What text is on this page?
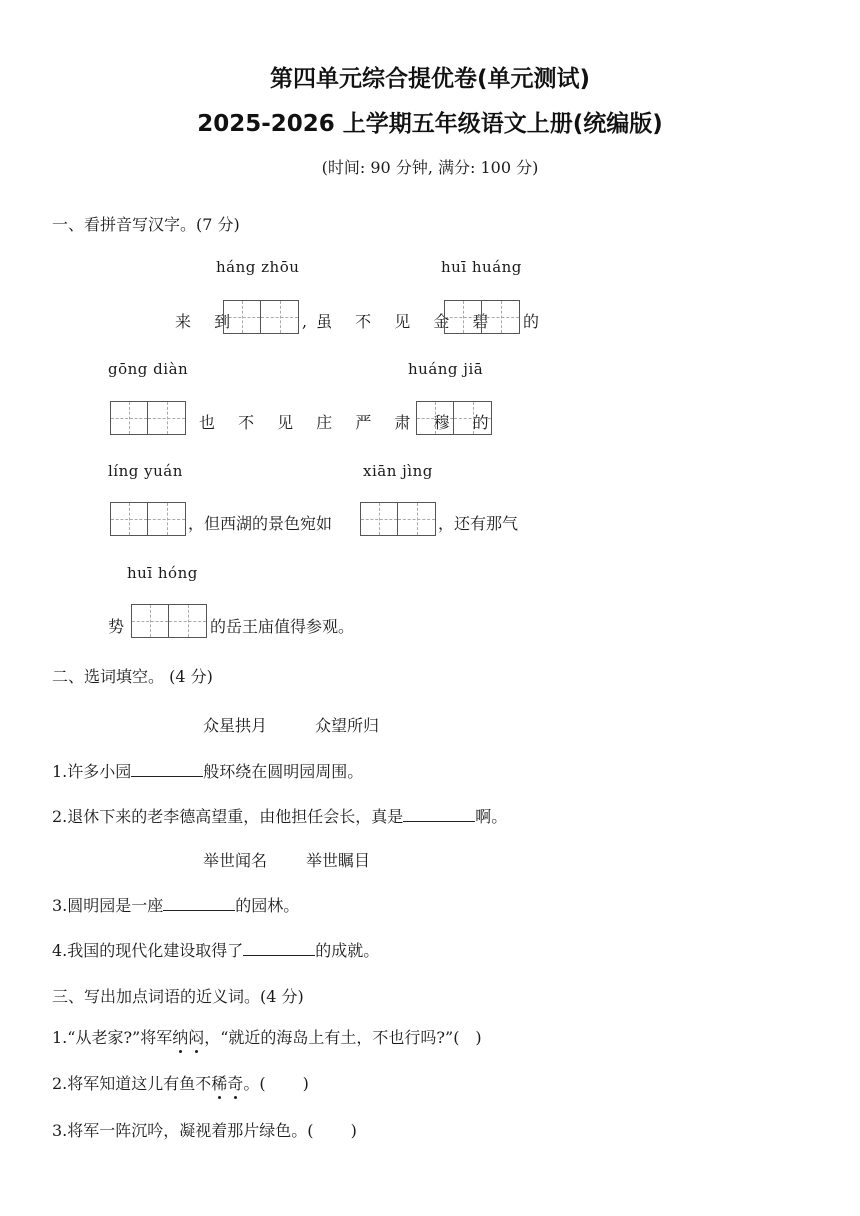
第四单元综合提优卷(单元测试)
2025-2026 上学期五年级语文上册(统编版)
(时间: 90 分钟, 满分: 100 分)
一、看拼音写汉字。(7 分)
háng zhōu	huī huáng
来 到	,虽 不 见 金 碧 的
gōng diàn	huáng jiā
也 不 见 庄 严 肃 穆 的
líng yuán	xiān jìng
，但西湖的景色宛如	，还有那气
huī hóng
势	的岳王庙值得参观。
二、选词填空。 (4 分)
众星拱月	众望所归
1.许多小园	般环绕在圆明园周围。
2.退休下来的老李德高望重，由他担任会长，真是	啊。
举世闻名 举世瞩目
3.圆明园是一座	的园林。
4.我国的现代化建设取得了	的成就。
三、写出加点词语的近义词。(4 分)
1.“从老家?”将军纳闷，“就近的海岛上有土，不也行吗?”(　)
2.将军知道这儿有鱼不稀奇。(　　 )
3.将军一阵沉吟，凝视着那片绿色。(　　 )
